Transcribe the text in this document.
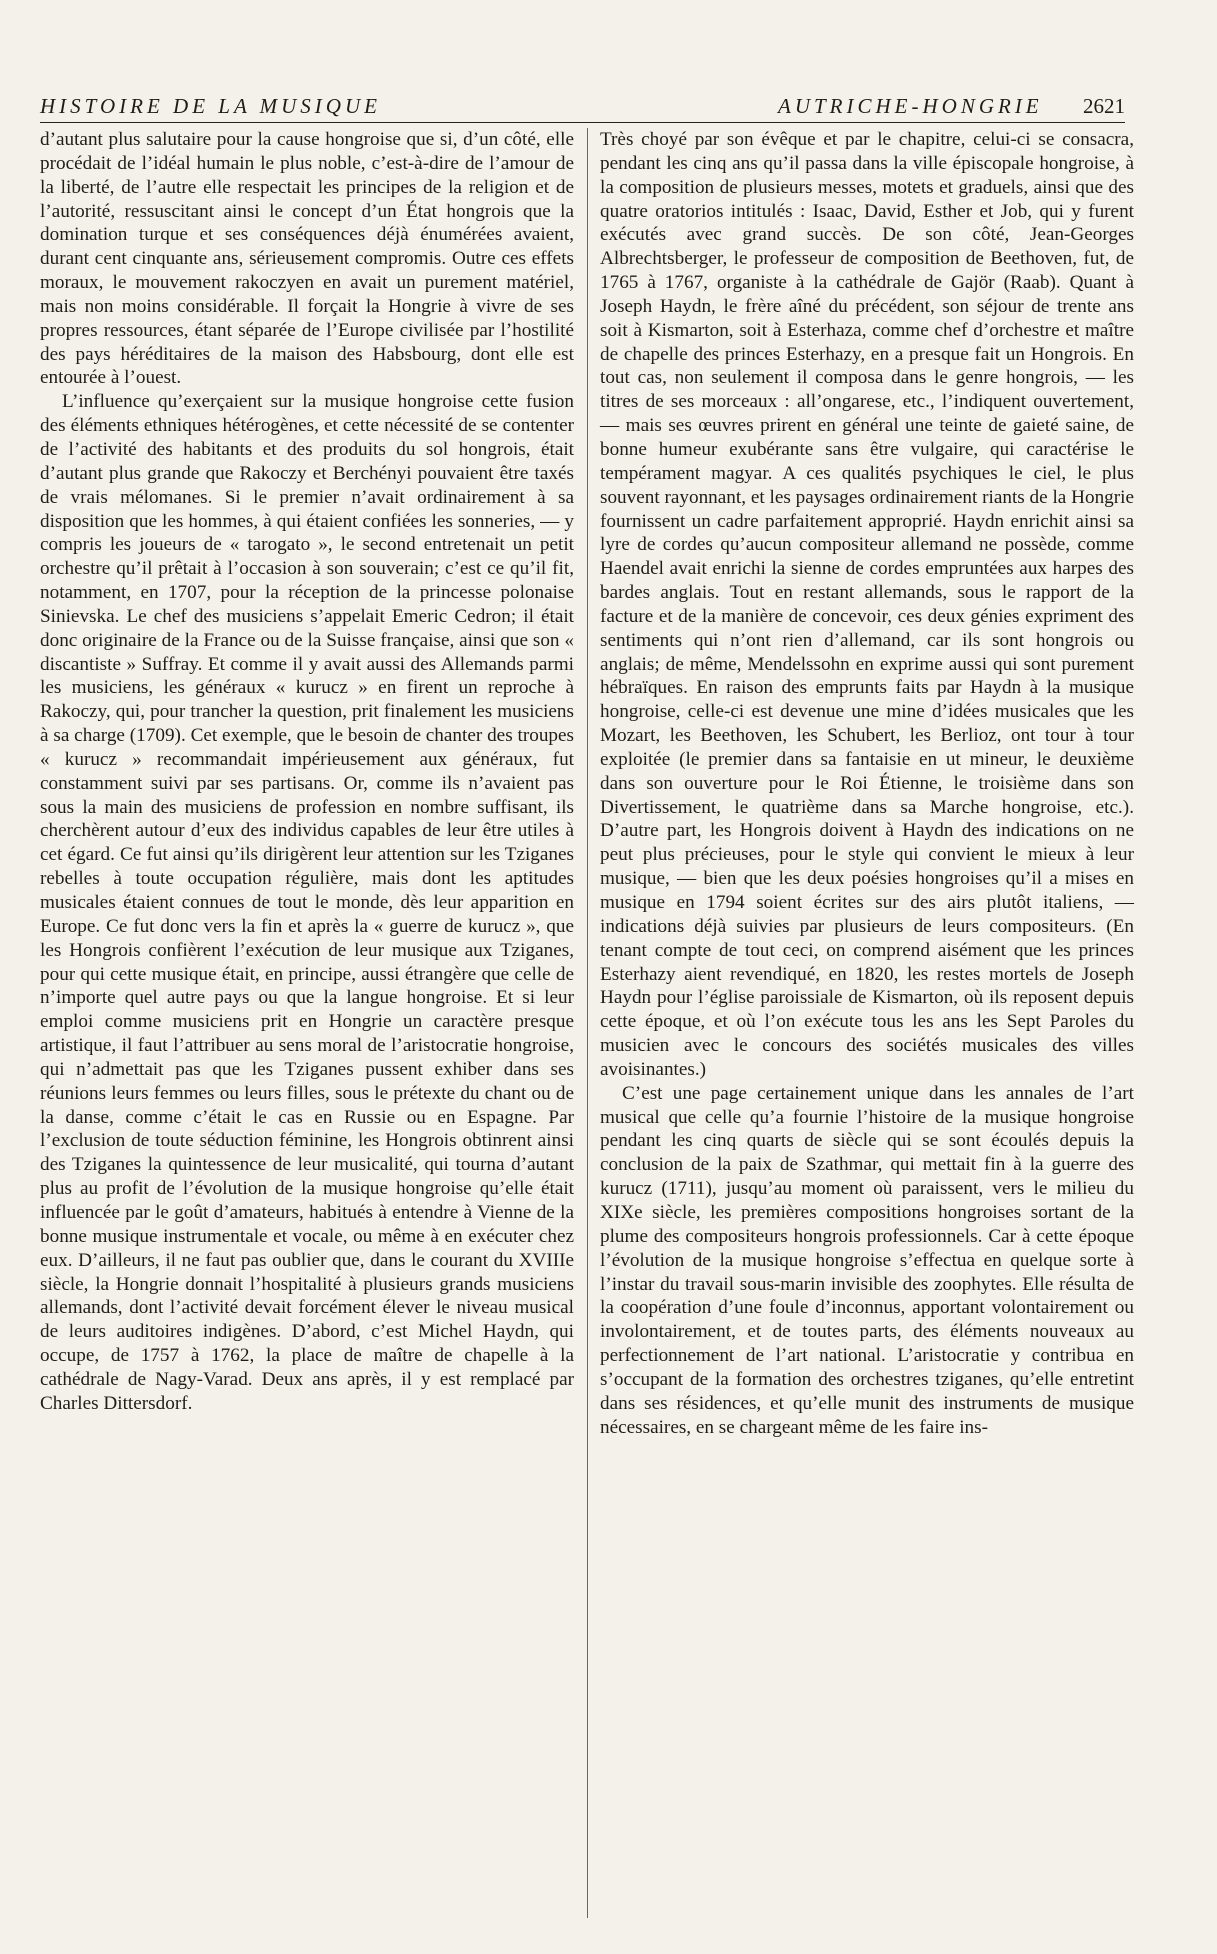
HISTOIRE DE LA MUSIQUE	AUTRICHE-HONGRIE 2621

d’autant plus salutaire pour la cause hongroise que si, d’un côté, elle procédait de l’idéal humain le plus noble, c’est-à-dire de l’amour de la liberté, de l’autre elle respectait les principes de la religion et de l’autorité, ressuscitant ainsi le concept d’un État hongrois que la domination turque et ses conséquences déjà énumérées avaient, durant cent cinquante ans, sérieusement compromis. Outre ces effets moraux, le mouvement rakoczyen en avait un purement matériel, mais non moins considérable. Il forçait la Hongrie à vivre de ses propres ressources, étant séparée de l’Europe civilisée par l’hostilité des pays héréditaires de la maison des Habsbourg, dont elle est entourée à l’ouest.

L’influence qu’exerçaient sur la musique hongroise cette fusion des éléments ethniques hétérogènes, et cette nécessité de se contenter de l’activité des habitants et des produits du sol hongrois, était d’autant plus grande que Rakoczy et Berchényi pouvaient être taxés de vrais mélomanes. Si le premier n’avait ordinairement à sa disposition que les hommes, à qui étaient confiées les sonneries, — y compris les joueurs de « tarogato », le second entretenait un petit orchestre qu’il prêtait à l’occasion à son souverain; c’est ce qu’il fit, notamment, en 1707, pour la réception de la princesse polonaise Sinievska. Le chef des musiciens s’appelait Emeric Cedron; il était donc originaire de la France ou de la Suisse française, ainsi que son « discantiste » Suffray. Et comme il y avait aussi des Allemands parmi les musiciens, les généraux « kurucz » en firent un reproche à Rakoczy, qui, pour trancher la question, prit finalement les musiciens à sa charge (1709). Cet exemple, que le besoin de chanter des troupes « kurucz » recommandait impérieusement aux généraux, fut constamment suivi par ses partisans. Or, comme ils n’avaient pas sous la main des musiciens de profession en nombre suffisant, ils cherchèrent autour d’eux des individus capables de leur être utiles à cet égard. Ce fut ainsi qu’ils dirigèrent leur attention sur les Tziganes rebelles à toute occupation régulière, mais dont les aptitudes musicales étaient connues de tout le monde, dès leur apparition en Europe. Ce fut donc vers la fin et après la « guerre de kurucz », que les Hongrois confièrent l’exécution de leur musique aux Tziganes, pour qui cette musique était, en principe, aussi étrangère que celle de n’importe quel autre pays ou que la langue hongroise. Et si leur emploi comme musiciens prit en Hongrie un caractère presque artistique, il faut l’attribuer au sens moral de l’aristocratie hongroise, qui n’admettait pas que les Tziganes pussent exhiber dans ses réunions leurs femmes ou leurs filles, sous le prétexte du chant ou de la danse, comme c’était le cas en Russie ou en Espagne. Par l’exclusion de toute séduction féminine, les Hongrois obtinrent ainsi des Tziganes la quintessence de leur musicalité, qui tourna d’autant plus au profit de l’évolution de la musique hongroise qu’elle était influencée par le goût d’amateurs, habitués à entendre à Vienne de la bonne musique instrumentale et vocale, ou même à en exécuter chez eux. D’ailleurs, il ne faut pas oublier que, dans le courant du XVIIIe siècle, la Hongrie donnait l’hospitalité à plusieurs grands musiciens allemands, dont l’activité devait forcément élever le niveau musical de leurs auditoires indigènes. D’abord, c’est Michel Haydn, qui occupe, de 1757 à 1762, la place de maître de chapelle à la cathédrale de Nagy-Varad. Deux ans après, il y est remplacé par Charles Dittersdorf.

Très choyé par son évêque et par le chapitre, celui-ci se consacra, pendant les cinq ans qu’il passa dans la ville épiscopale hongroise, à la composition de plusieurs messes, motets et graduels, ainsi que des quatre oratorios intitulés : Isaac, David, Esther et Job, qui y furent exécutés avec grand succès. De son côté, Jean-Georges Albrechtsberger, le professeur de composition de Beethoven, fut, de 1765 à 1767, organiste à la cathédrale de Gajör (Raab). Quant à Joseph Haydn, le frère aîné du précédent, son séjour de trente ans soit à Kismarton, soit à Esterhaza, comme chef d’orchestre et maître de chapelle des princes Esterhazy, en a presque fait un Hongrois. En tout cas, non seulement il composa dans le genre hongrois, — les titres de ses morceaux : all’ongarese, etc., l’indiquent ouvertement, — mais ses œuvres prirent en général une teinte de gaieté saine, de bonne humeur exubérante sans être vulgaire, qui caractérise le tempérament magyar. A ces qualités psychiques le ciel, le plus souvent rayonnant, et les paysages ordinairement riants de la Hongrie fournissent un cadre parfaitement approprié. Haydn enrichit ainsi sa lyre de cordes qu’aucun compositeur allemand ne possède, comme Haendel avait enrichi la sienne de cordes empruntées aux harpes des bardes anglais. Tout en restant allemands, sous le rapport de la facture et de la manière de concevoir, ces deux génies expriment des sentiments qui n’ont rien d’allemand, car ils sont hongrois ou anglais; de même, Mendelssohn en exprime aussi qui sont purement hébraïques. En raison des emprunts faits par Haydn à la musique hongroise, celle-ci est devenue une mine d’idées musicales que les Mozart, les Beethoven, les Schubert, les Berlioz, ont tour à tour exploitée (le premier dans sa fantaisie en ut mineur, le deuxième dans son ouverture pour le Roi Étienne, le troisième dans son Divertissement, le quatrième dans sa Marche hongroise, etc.). D’autre part, les Hongrois doivent à Haydn des indications on ne peut plus précieuses, pour le style qui convient le mieux à leur musique, — bien que les deux poésies hongroises qu’il a mises en musique en 1794 soient écrites sur des airs plutôt italiens, — indications déjà suivies par plusieurs de leurs compositeurs. (En tenant compte de tout ceci, on comprend aisément que les princes Esterhazy aient revendiqué, en 1820, les restes mortels de Joseph Haydn pour l’église paroissiale de Kismarton, où ils reposent depuis cette époque, et où l’on exécute tous les ans les Sept Paroles du musicien avec le concours des sociétés musicales des villes avoisinantes.)

C’est une page certainement unique dans les annales de l’art musical que celle qu’a fournie l’histoire de la musique hongroise pendant les cinq quarts de siècle qui se sont écoulés depuis la conclusion de la paix de Szathmar, qui mettait fin à la guerre des kurucz (1711), jusqu’au moment où paraissent, vers le milieu du XIXe siècle, les premières compositions hongroises sortant de la plume des compositeurs hongrois professionnels. Car à cette époque l’évolution de la musique hongroise s’effectua en quelque sorte à l’instar du travail sous-marin invisible des zoophytes. Elle résulta de la coopération d’une foule d’inconnus, apportant volontairement ou involontairement, et de toutes parts, des éléments nouveaux au perfectionnement de l’art national. L’aristocratie y contribua en s’occupant de la formation des orchestres tziganes, qu’elle entretint dans ses résidences, et qu’elle munit des instruments de musique nécessaires, en se chargeant même de les faire ins-
